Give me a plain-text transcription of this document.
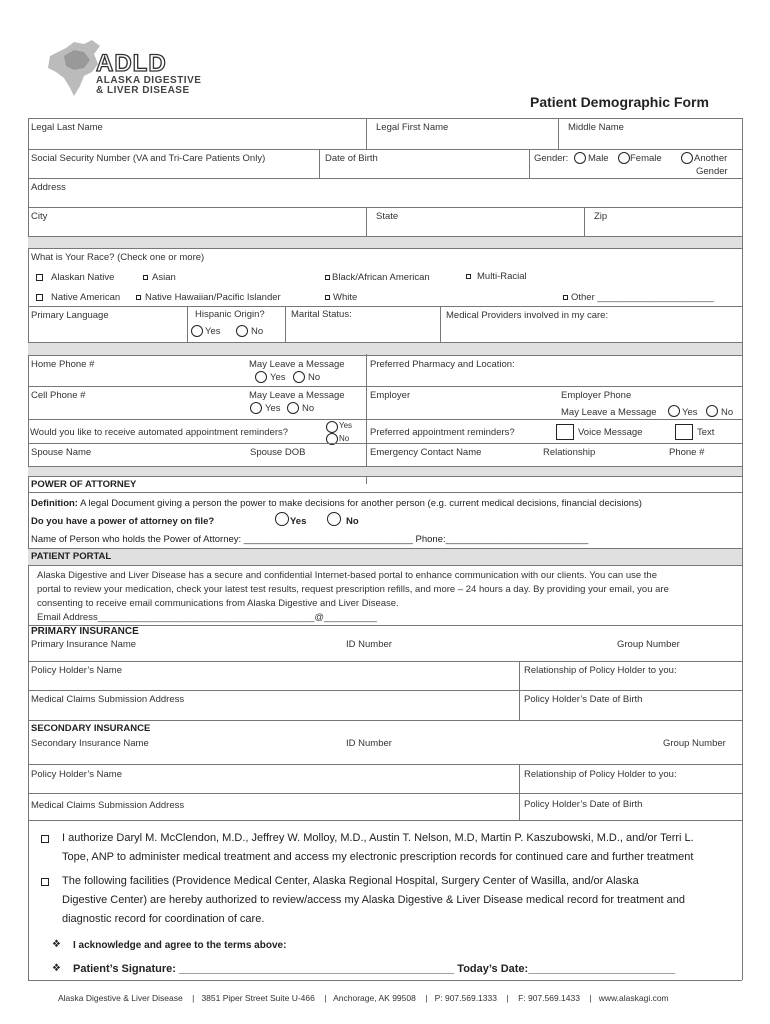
ADLD
ALASKA DIGESTIVE
& LIVER DISEASE
Patient Demographic Form
Legal Last Name	Legal First Name	Middle Name
Social Security Number (VA and Tri-Care Patients Only)	Date of Birth	Gender: Male Female	Another
Gender
Address
City	State	Zip
What is Your Race? (Check one or more)
Alaskan Native	Asian	Black/African American	Multi-Racial
Native American	Native Hawaiian/Pacific Islander	White	Other ______________________
Primary Language	Hispanic Origin?
Yes	No
Marital Status:	Medical Providers involved in my care:
Home Phone #	May Leave a Message
Yes No
Preferred Pharmacy and Location:
Cell Phone #	May Leave a Message
Yes No
Employer	Employer Phone
May Leave a Message	Yes No
Would you like to receive automated appointment reminders?
Yes
No
Preferred appointment reminders?	Voice Message	Text
Spouse Name	Spouse DOB	Emergency Contact Name	Relationship	Phone #
POWER OF ATTORNEY
Definition: A legal Document giving a person the power to make decisions for another person (e.g. current medical decisions, financial decisions)
Do you have a power of attorney on file?	Yes	No
Name of Person who holds the Power of Attorney: ________________________________ Phone:___________________________
PATIENT PORTAL
Alaska Digestive and Liver Disease has a secure and confidential Internet-based portal to enhance communication with our clients. You can use the
portal to review your medication, check your latest test results, request prescription refills, and more – 24 hours a day. By providing your email, you are
consenting to receive email communications from Alaska Digestive and Liver Disease.
Email Address_________________________________________@__________
PRIMARY INSURANCE
Primary Insurance Name	ID Number	Group Number
Policy Holder’s Name	Relationship of Policy Holder to you:
Medical Claims Submission Address	Policy Holder’s Date of Birth
SECONDARY INSURANCE
Secondary Insurance Name	ID Number	Group Number
Policy Holder’s Name	Relationship of Policy Holder to you:
Medical Claims Submission Address	Policy Holder’s Date of Birth
I authorize Daryl M. McClendon, M.D., Jeffrey W. Molloy, M.D., Austin T. Nelson, M.D, Martin P. Kaszubowski, M.D., and/or Terri L.
Tope, ANP to administer medical treatment and access my electronic prescription records for continued care and further treatment
The following facilities (Providence Medical Center, Alaska Regional Hospital, Surgery Center of Wasilla, and/or Alaska
Digestive Center) are hereby authorized to review/access my Alaska Digestive & Liver Disease medical record for treatment and
diagnostic record for coordination of care.
❖ I acknowledge and agree to the terms above:
❖ Patient’s Signature: _____________________________________________ Today’s Date:________________________
Alaska Digestive & Liver Disease    |   3851 Piper Street Suite U-466    |   Anchorage, AK 99508    |   P: 907.569.1333    |    F: 907.569.1433    |   www.alaskagi.com
